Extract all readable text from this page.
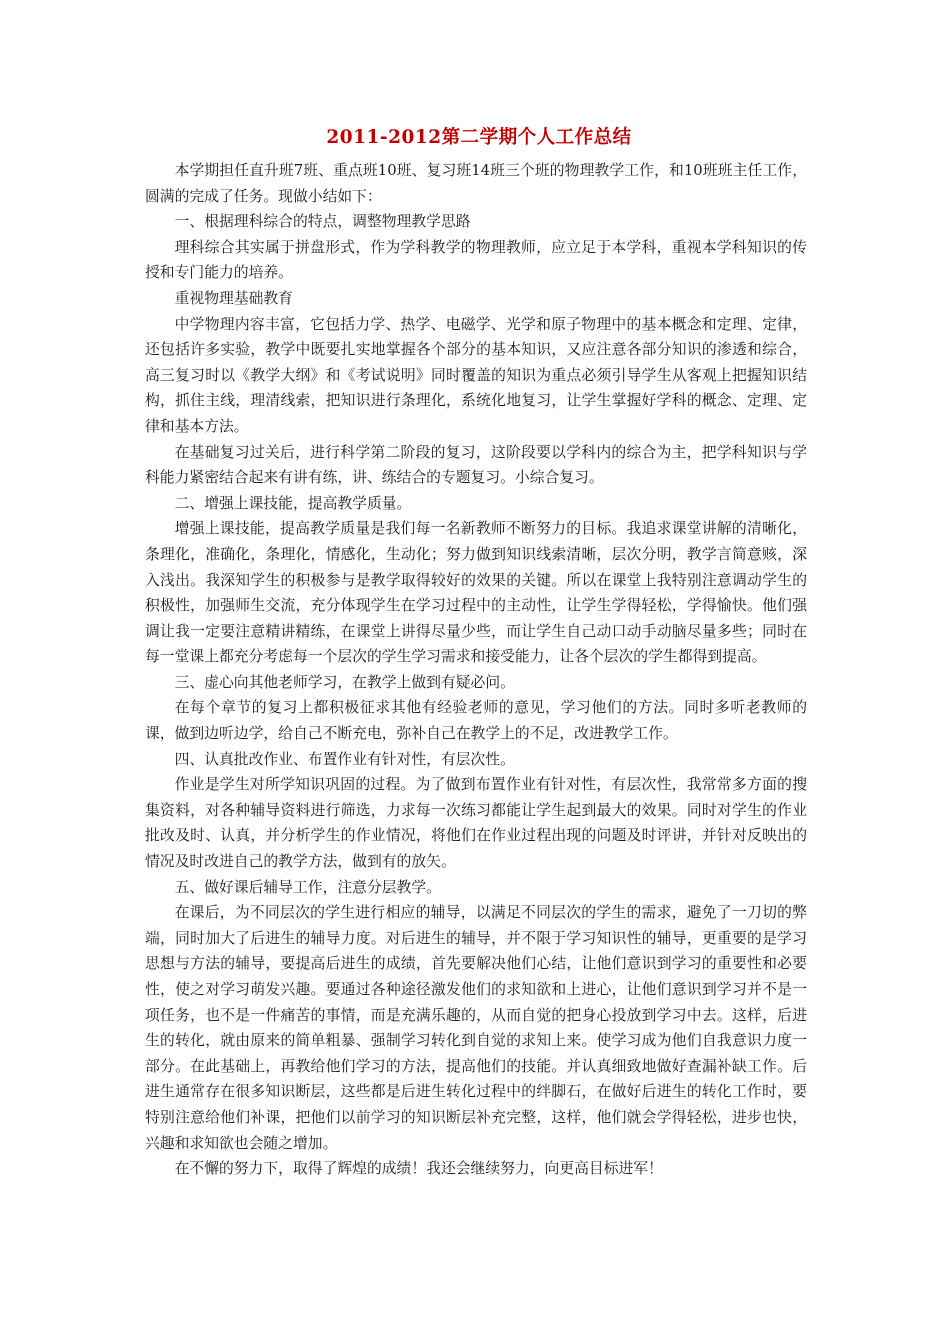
2011-2012第二学期个人工作总结

本学期担任直升班7班、重点班10班、复习班14班三个班的物理教学工作，和10班班主任工作，圆满的完成了任务。现做小结如下：

一、根据理科综合的特点，调整物理教学思路

理科综合其实属于拼盘形式，作为学科教学的物理教师，应立足于本学科，重视本学科知识的传授和专门能力的培养。

重视物理基础教育

中学物理内容丰富，它包括力学、热学、电磁学、光学和原子物理中的基本概念和定理、定律，还包括许多实验，教学中既要扎实地掌握各个部分的基本知识，又应注意各部分知识的渗透和综合，高三复习时以《教学大纲》和《考试说明》同时覆盖的知识为重点必须引导学生从客观上把握知识结构，抓住主线，理清线索，把知识进行条理化，系统化地复习，让学生掌握好学科的概念、定理、定律和基本方法。

在基础复习过关后，进行科学第二阶段的复习，这阶段要以学科内的综合为主，把学科知识与学科能力紧密结合起来有讲有练，讲、练结合的专题复习。小综合复习。

二、增强上课技能，提高教学质量。

增强上课技能，提高教学质量是我们每一名新教师不断努力的目标。我追求课堂讲解的清晰化，条理化，准确化，条理化，情感化，生动化；努力做到知识线索清晰，层次分明，教学言简意赅，深入浅出。我深知学生的积极参与是教学取得较好的效果的关键。所以在课堂上我特别注意调动学生的积极性，加强师生交流，充分体现学生在学习过程中的主动性，让学生学得轻松，学得愉快。他们强调让我一定要注意精讲精练，在课堂上讲得尽量少些，而让学生自己动口动手动脑尽量多些；同时在每一堂课上都充分考虑每一个层次的学生学习需求和接受能力，让各个层次的学生都得到提高。

三、虚心向其他老师学习，在教学上做到有疑必问。

在每个章节的复习上都积极征求其他有经验老师的意见，学习他们的方法。同时多听老教师的课，做到边听边学，给自己不断充电，弥补自己在教学上的不足，改进教学工作。

四、认真批改作业、布置作业有针对性，有层次性。

作业是学生对所学知识巩固的过程。为了做到布置作业有针对性，有层次性，我常常多方面的搜集资料，对各种辅导资料进行筛选，力求每一次练习都能让学生起到最大的效果。同时对学生的作业批改及时、认真，并分析学生的作业情况，将他们在作业过程出现的问题及时评讲，并针对反映出的情况及时改进自己的教学方法，做到有的放矢。

五、做好课后辅导工作，注意分层教学。

在课后，为不同层次的学生进行相应的辅导，以满足不同层次的学生的需求，避免了一刀切的弊端，同时加大了后进生的辅导力度。对后进生的辅导，并不限于学习知识性的辅导，更重要的是学习思想与方法的辅导，要提高后进生的成绩，首先要解决他们心结，让他们意识到学习的重要性和必要性，使之对学习萌发兴趣。要通过各种途径激发他们的求知欲和上进心，让他们意识到学习并不是一项任务，也不是一件痛苦的事情，而是充满乐趣的，从而自觉的把身心投放到学习中去。这样，后进生的转化，就由原来的简单粗暴、强制学习转化到自觉的求知上来。使学习成为他们自我意识力度一部分。在此基础上，再教给他们学习的方法，提高他们的技能。并认真细致地做好查漏补缺工作。后进生通常存在很多知识断层，这些都是后进生转化过程中的绊脚石，在做好后进生的转化工作时，要特别注意给他们补课，把他们以前学习的知识断层补充完整，这样，他们就会学得轻松，进步也快，兴趣和求知欲也会随之增加。

在不懈的努力下，取得了辉煌的成绩！我还会继续努力，向更高目标进军！
